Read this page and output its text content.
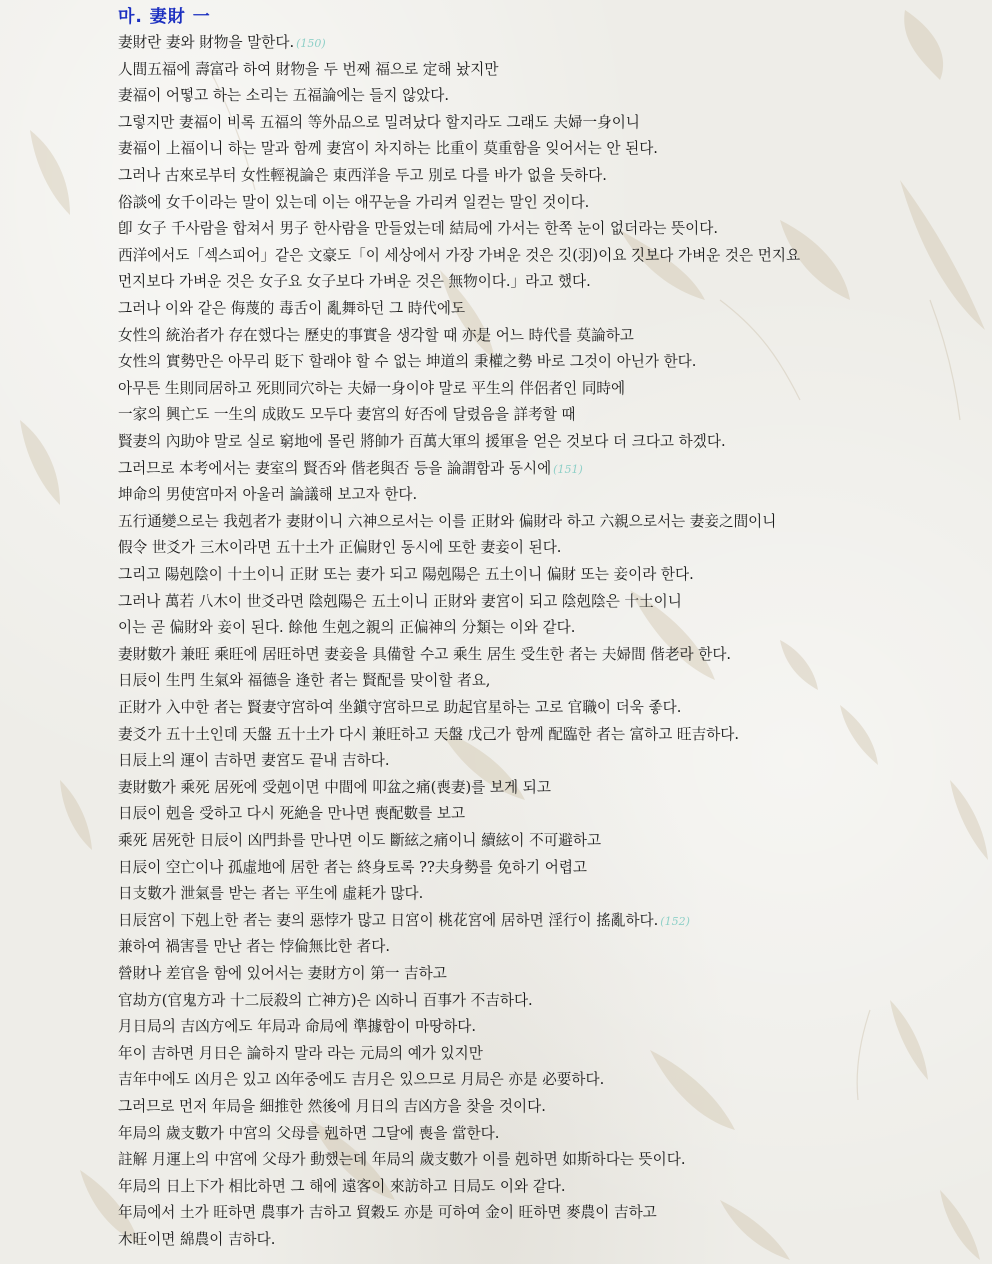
마. 妻財 一
妻財란 妻와 財物을 말한다. (150)
人間五福에 壽富라 하여 財物을 두 번째 福으로 定해 놨지만
妻福이 어떻고 하는 소리는 五福論에는 들지 않았다.
그렇지만 妻福이 비록 五福의 等外品으로 밀려났다 할지라도 그래도 夫婦一身이니
妻福이 上福이니 하는 말과 함께 妻宮이 차지하는 比重이 莫重함을 잊어서는 안 된다.
그러나 古來로부터 女性輕視論은 東西洋을 두고 別로 다를 바가 없을 듯하다.
俗談에 女千이라는 말이 있는데 이는 애꾸눈을 가리켜 일컫는 말인 것이다.
卽 女子 千사람을 합쳐서 男子 한사람을 만들었는데 結局에 가서는 한쪽 눈이 없더라는 뜻이다.
西洋에서도「섹스피어」같은 文豪도「이 세상에서 가장 가벼운 것은 깃(羽)이요 깃보다 가벼운 것은 먼지요
먼지보다 가벼운 것은 女子요 女子보다 가벼운 것은 無物이다.」라고 했다.
그러나 이와 같은 侮蔑的 毒舌이 亂舞하던 그 時代에도
女性의 統治者가 存在했다는 歷史的事實을 생각할 때 亦是 어느 時代를 莫論하고
女性의 實勢만은 아무리 貶下 할래야 할 수 없는 坤道의 秉權之勢 바로 그것이 아닌가 한다.
아무튼 生則同居하고 死則同穴하는 夫婦一身이야 말로 平生의 伴侶者인 同時에
一家의 興亡도 一生의 成敗도 모두다 妻宮의 好否에 달렸음을 詳考할 때
賢妻의 內助야 말로 실로 窮地에 몰린 將帥가 百萬大軍의 援軍을 얻은 것보다 더 크다고 하겠다.
그러므로 本考에서는 妻室의 賢否와 偕老與否 등을 論謂함과 동시에 (151)
坤命의 男使宮마저 아울러 論議해 보고자 한다.
五行通變으로는 我剋者가 妻財이니 六神으로서는 이를 正財와 偏財라 하고 六親으로서는 妻妾之間이니
假令 世爻가 三木이라면 五十土가 正偏財인 동시에 또한 妻妾이 된다.
그리고 陽剋陰이 十土이니 正財 또는 妻가 되고 陽剋陽은 五土이니 偏財 또는 妾이라 한다.
그러나 萬若 八木이 世爻라면 陰剋陽은 五土이니 正財와 妻宮이 되고 陰剋陰은 十土이니
이는 곧 偏財와 妾이 된다. 餘他 生剋之親의 正偏神의 分類는 이와 같다.
妻財數가 兼旺 乘旺에 居旺하면 妻妾을 具備할 수고 乘生 居生 受生한 者는 夫婦間 偕老라 한다.
日辰이 生門 生氣와 福德을 逢한 者는 賢配를 맞이할 者요,
正財가 入中한 者는 賢妻守宮하여 坐鎭守宮하므로 助起官星하는 고로 官職이 더욱 좋다.
妻爻가 五十土인데 天盤 五十土가 다시 兼旺하고 天盤 戊己가 함께 配臨한 者는 富하고 旺吉하다.
日辰上의 運이 吉하면 妻宮도 끝내 吉하다.
妻財數가 乘死 居死에 受剋이면 中間에 叩盆之痛(喪妻)를 보게 되고
日辰이 剋을 受하고 다시 死絶을 만나면 喪配數를 보고
乘死 居死한 日辰이 凶門卦를 만나면 이도 斷絃之痛이니 續絃이 不可避하고
日辰이 空亡이나 孤虛地에 居한 者는 終身토록 ??夫身勢를 免하기 어렵고
日支數가 泄氣를 받는 者는 平生에 虛耗가 많다.
日辰宮이 下剋上한 者는 妻의 惡悖가 많고 日宮이 桃花宮에 居하면 淫行이 搖亂하다. (152)
兼하여 禍害를 만난 者는 悖倫無比한 者다.
營財나 差官을 함에 있어서는 妻財方이 第一 吉하고
官劫方(官鬼方과 十二辰殺의 亡神方)은 凶하니 百事가 不吉하다.
月日局의 吉凶方에도 年局과 命局에 準據함이 마땅하다.
年이 吉하면 月日은 論하지 말라 라는 元局의 예가 있지만
吉年中에도 凶月은 있고 凶年중에도 吉月은 있으므로 月局은 亦是 必要하다.
그러므로 먼저 年局을 細推한 然後에 月日의 吉凶方을 찾을 것이다.
年局의 歲支數가 中宮의 父母를 剋하면 그달에 喪을 當한다.
註解 月運上의 中宮에 父母가 動했는데 年局의 歲支數가 이를 剋하면 如斯하다는 뜻이다.
年局의 日上下가 相比하면 그 해에 遠客이 來訪하고 日局도 이와 같다.
年局에서 土가 旺하면 農事가 吉하고 貿穀도 亦是 可하여 金이 旺하면 麥農이 吉하고
木旺이면 綿農이 吉하다.
